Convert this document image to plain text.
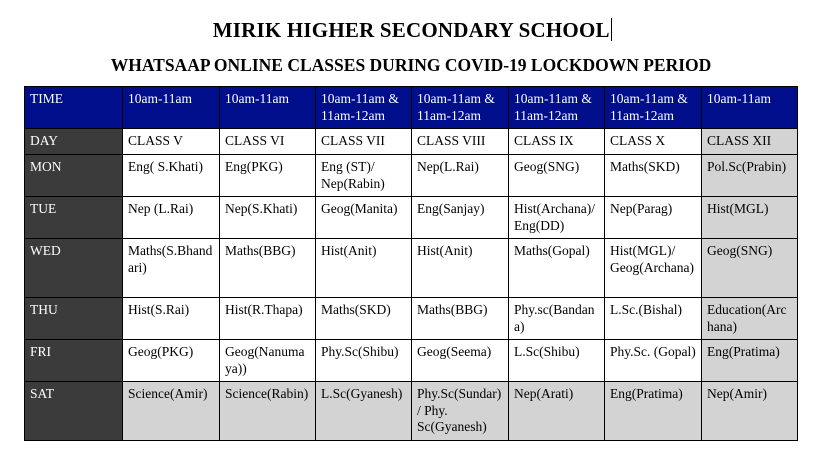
MIRIK HIGHER SECONDARY SCHOOL
WHATSAAP ONLINE CLASSES DURING COVID-19 LOCKDOWN PERIOD
TIME	10am-11am	10am-11am	10am-11am & 11am-12am	10am-11am & 11am-12am	10am-11am & 11am-12am	10am-11am & 11am-12am	10am-11am
DAY	CLASS V	CLASS VI	CLASS VII	CLASS VIII	CLASS IX	CLASS X	CLASS XII
MON	Eng( S.Khati)	Eng(PKG)	Eng (ST)/ Nep(Rabin)	Nep(L.Rai)	Geog(SNG)	Maths(SKD)	Pol.Sc(Prabin)
TUE	Nep (L.Rai)	Nep(S.Khati)	Geog(Manita)	Eng(Sanjay)	Hist(Archana)/ Eng(DD)	Nep(Parag)	Hist(MGL)
WED	Maths(S.Bhandari)	Maths(BBG)	Hist(Anit)	Hist(Anit)	Maths(Gopal)	Hist(MGL)/ Geog(Archana)	Geog(SNG)
THU	Hist(S.Rai)	Hist(R.Thapa)	Maths(SKD)	Maths(BBG)	Phy.sc(Bandana)	L.Sc.(Bishal)	Education(Archana)
FRI	Geog(PKG)	Geog(Nanumaya))	Phy.Sc(Shibu)	Geog(Seema)	L.Sc(Shibu)	Phy.Sc. (Gopal)	Eng(Pratima)
SAT	Science(Amir)	Science(Rabin)	L.Sc(Gyanesh)	Phy.Sc(Sundar)/ Phy. Sc(Gyanesh)	Nep(Arati)	Eng(Pratima)	Nep(Amir)
